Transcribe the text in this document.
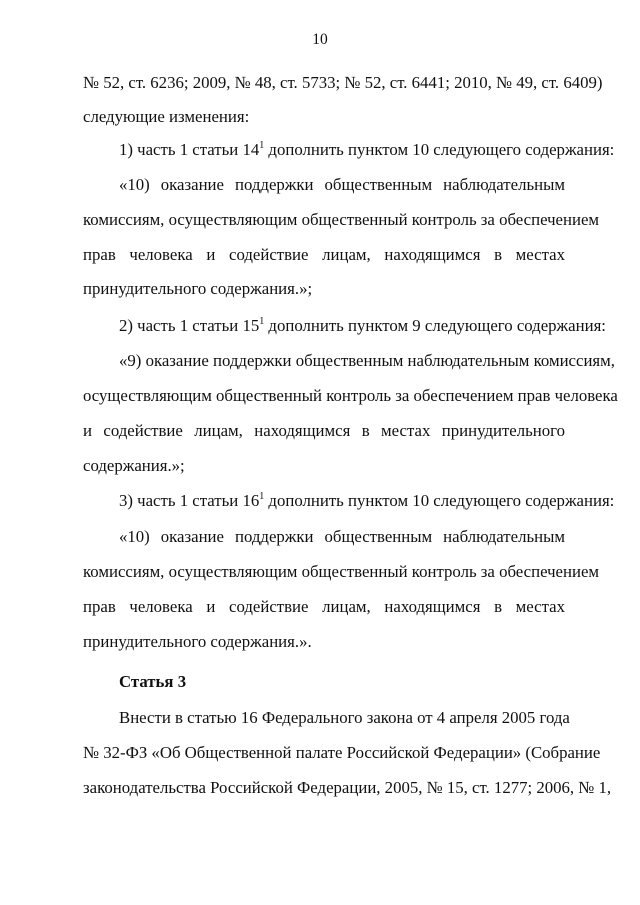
10
№ 52, ст. 6236; 2009, № 48, ст. 5733; № 52, ст. 6441; 2010, № 49, ст. 6409)
следующие изменения:
1) часть 1 статьи $14^1$ дополнить пунктом 10 следующего содержания:
«10) оказание поддержки общественным наблюдательным
комиссиям, осуществляющим общественный контроль за обеспечением
прав человека и содействие лицам, находящимся в местах
принудительного содержания.»;
2) часть 1 статьи $15^1$ дополнить пунктом 9 следующего содержания:
«9) оказание поддержки общественным наблюдательным комиссиям,
осуществляющим общественный контроль за обеспечением прав человека
и содействие лицам, находящимся в местах принудительного
содержания.»;
3) часть 1 статьи $16^1$ дополнить пунктом 10 следующего содержания:
«10) оказание поддержки общественным наблюдательным
комиссиям, осуществляющим общественный контроль за обеспечением
прав человека и содействие лицам, находящимся в местах
принудительного содержания.».
Статья 3
Внести в статью 16 Федерального закона от 4 апреля 2005 года
№ 32-ФЗ «Об Общественной палате Российской Федерации» (Собрание
законодательства Российской Федерации, 2005, № 15, ст. 1277; 2006, № 1,
